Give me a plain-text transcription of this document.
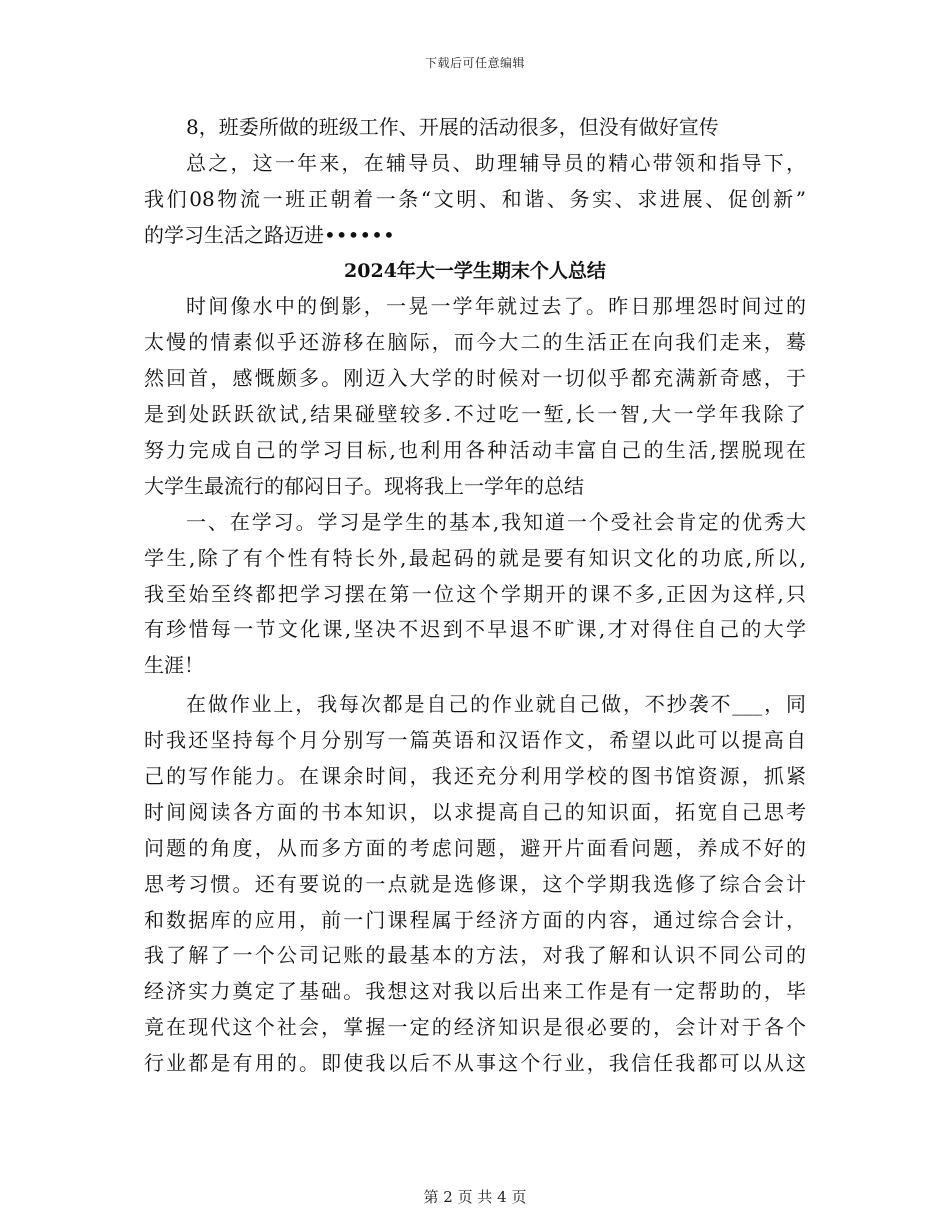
下载后可任意编辑
8，班委所做的班级工作、开展的活动很多，但没有做好宣传
总之，这一年来，在辅导员、助理辅导员的精心带领和指导下，
我们08物流一班正朝着一条“文明、和谐、务实、求进展、促创新”
的学习生活之路迈进••••••
2024年大一学生期末个人总结
时间像水中的倒影，一晃一学年就过去了。昨日那埋怨时间过的
太慢的情素似乎还游移在脑际，而今大二的生活正在向我们走来，蓦
然回首，感慨颇多。刚迈入大学的时候对一切似乎都充满新奇感，于
是到处跃跃欲试,结果碰壁较多.不过吃一堑,长一智,大一学年我除了
努力完成自己的学习目标,也利用各种活动丰富自己的生活,摆脱现在
大学生最流行的郁闷日子。现将我上一学年的总结
一、在学习。学习是学生的基本,我知道一个受社会肯定的优秀大
学生,除了有个性有特长外,最起码的就是要有知识文化的功底,所以,
我至始至终都把学习摆在第一位这个学期开的课不多,正因为这样,只
有珍惜每一节文化课,坚决不迟到不早退不旷课,才对得住自己的大学
生涯！
在做作业上，我每次都是自己的作业就自己做，不抄袭不___，同
时我还坚持每个月分别写一篇英语和汉语作文，希望以此可以提高自
己的写作能力。在课余时间，我还充分利用学校的图书馆资源，抓紧
时间阅读各方面的书本知识，以求提高自己的知识面，拓宽自己思考
问题的角度，从而多方面的考虑问题，避开片面看问题，养成不好的
思考习惯。还有要说的一点就是选修课，这个学期我选修了综合会计
和数据库的应用，前一门课程属于经济方面的内容，通过综合会计，
我了解了一个公司记账的最基本的方法，对我了解和认识不同公司的
经济实力奠定了基础。我想这对我以后出来工作是有一定帮助的，毕
竟在现代这个社会，掌握一定的经济知识是很必要的，会计对于各个
行业都是有用的。即使我以后不从事这个行业，我信任我都可以从这
第 2 页 共 4 页
